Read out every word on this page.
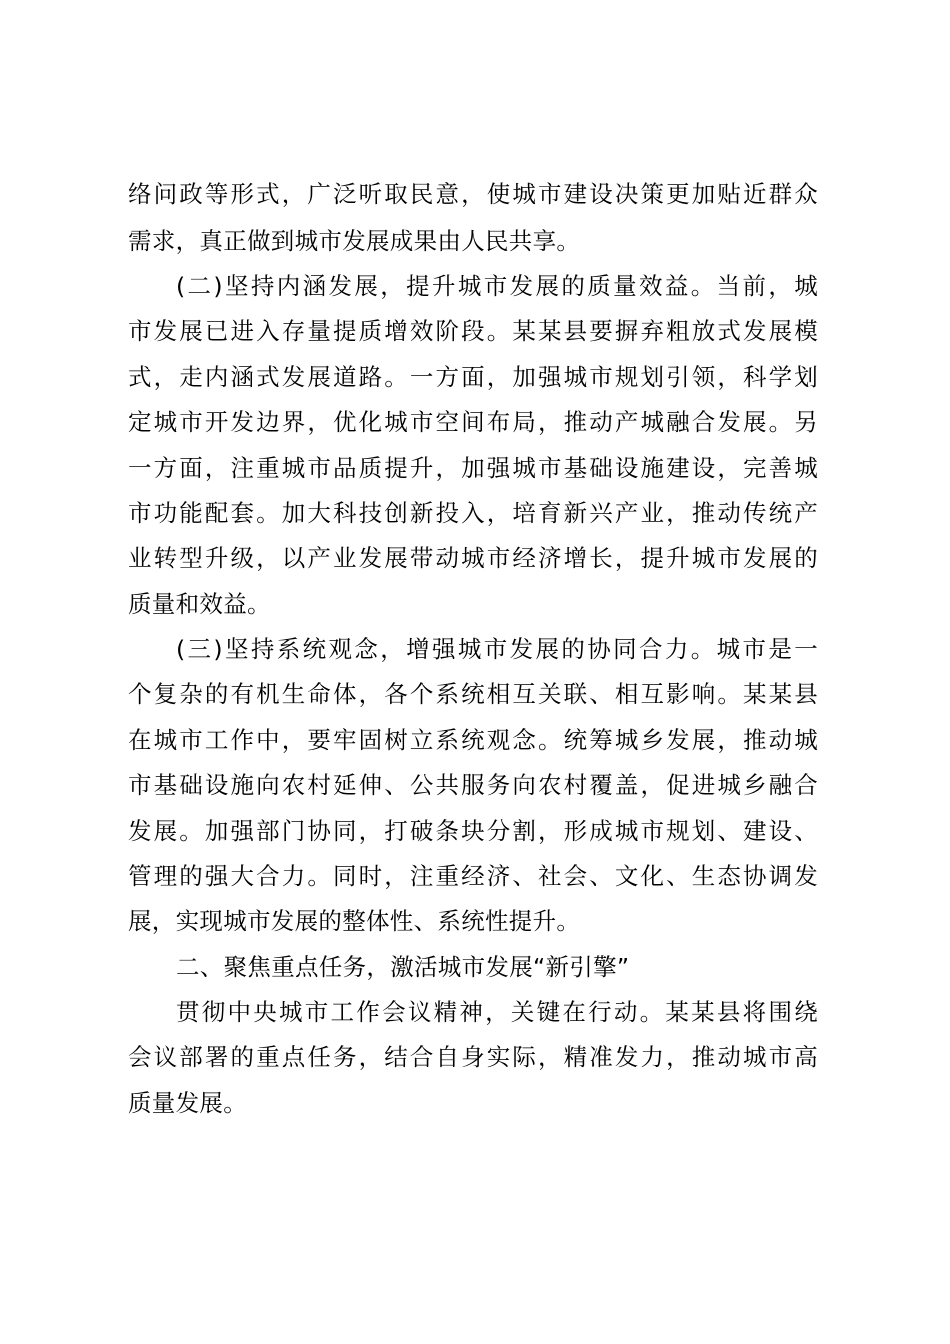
络问政等形式，广泛听取民意，使城市建设决策更加贴近群众
需求，真正做到城市发展成果由人民共享。
(二)坚持内涵发展，提升城市发展的质量效益。当前，城
市发展已进入存量提质增效阶段。某某县要摒弃粗放式发展模
式，走内涵式发展道路。一方面，加强城市规划引领，科学划
定城市开发边界，优化城市空间布局，推动产城融合发展。另
一方面，注重城市品质提升，加强城市基础设施建设，完善城
市功能配套。加大科技创新投入，培育新兴产业，推动传统产
业转型升级，以产业发展带动城市经济增长，提升城市发展的
质量和效益。
(三)坚持系统观念，增强城市发展的协同合力。城市是一
个复杂的有机生命体，各个系统相互关联、相互影响。某某县
在城市工作中，要牢固树立系统观念。统筹城乡发展，推动城
市基础设施向农村延伸、公共服务向农村覆盖，促进城乡融合
发展。加强部门协同，打破条块分割，形成城市规划、建设、
管理的强大合力。同时，注重经济、社会、文化、生态协调发
展，实现城市发展的整体性、系统性提升。
二、聚焦重点任务，激活城市发展“新引擎”
贯彻中央城市工作会议精神，关键在行动。某某县将围绕
会议部署的重点任务，结合自身实际，精准发力，推动城市高
质量发展。
